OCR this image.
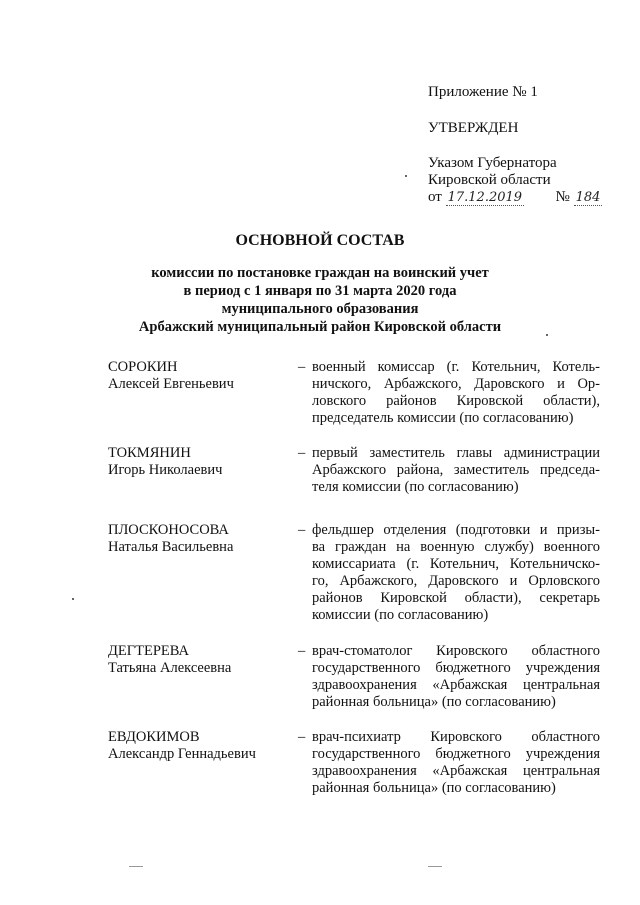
Приложение № 1
УТВЕРЖДЕН
Указом Губернатора
Кировской области
от 17.12.2019 № 184
ОСНОВНОЙ СОСТАВ
комиссии по постановке граждан на воинский учет
в период с 1 января по 31 марта 2020 года
муниципального образования
Арбажский муниципальный район Кировской области
СОРОКИН
Алексей Евгеньевич
– военный комиссар (г. Котельнич, Котель-
ничского, Арбажского, Даровского и Ор-
ловского районов Кировской области),
председатель комиссии (по согласованию)
ТОКМЯНИН
Игорь Николаевич
– первый заместитель главы администрации
Арбажского района, заместитель председа-
теля комиссии (по согласованию)
ПЛОСКОНОСОВА
Наталья Васильевна
– фельдшер отделения (подготовки и призы-
ва граждан на военную службу) военного
комиссариата (г. Котельнич, Котельничско-
го, Арбажского, Даровского и Орловского
районов Кировской области), секретарь
комиссии (по согласованию)
ДЕГТЕРЕВА
Татьяна Алексеевна
– врач-стоматолог Кировского областного
государственного бюджетного учреждения
здравоохранения «Арбажская центральная
районная больница» (по согласованию)
ЕВДОКИМОВ
Александр Геннадьевич
– врач-психиатр Кировского областного
государственного бюджетного учреждения
здравоохранения «Арбажская центральная
районная больница» (по согласованию)
